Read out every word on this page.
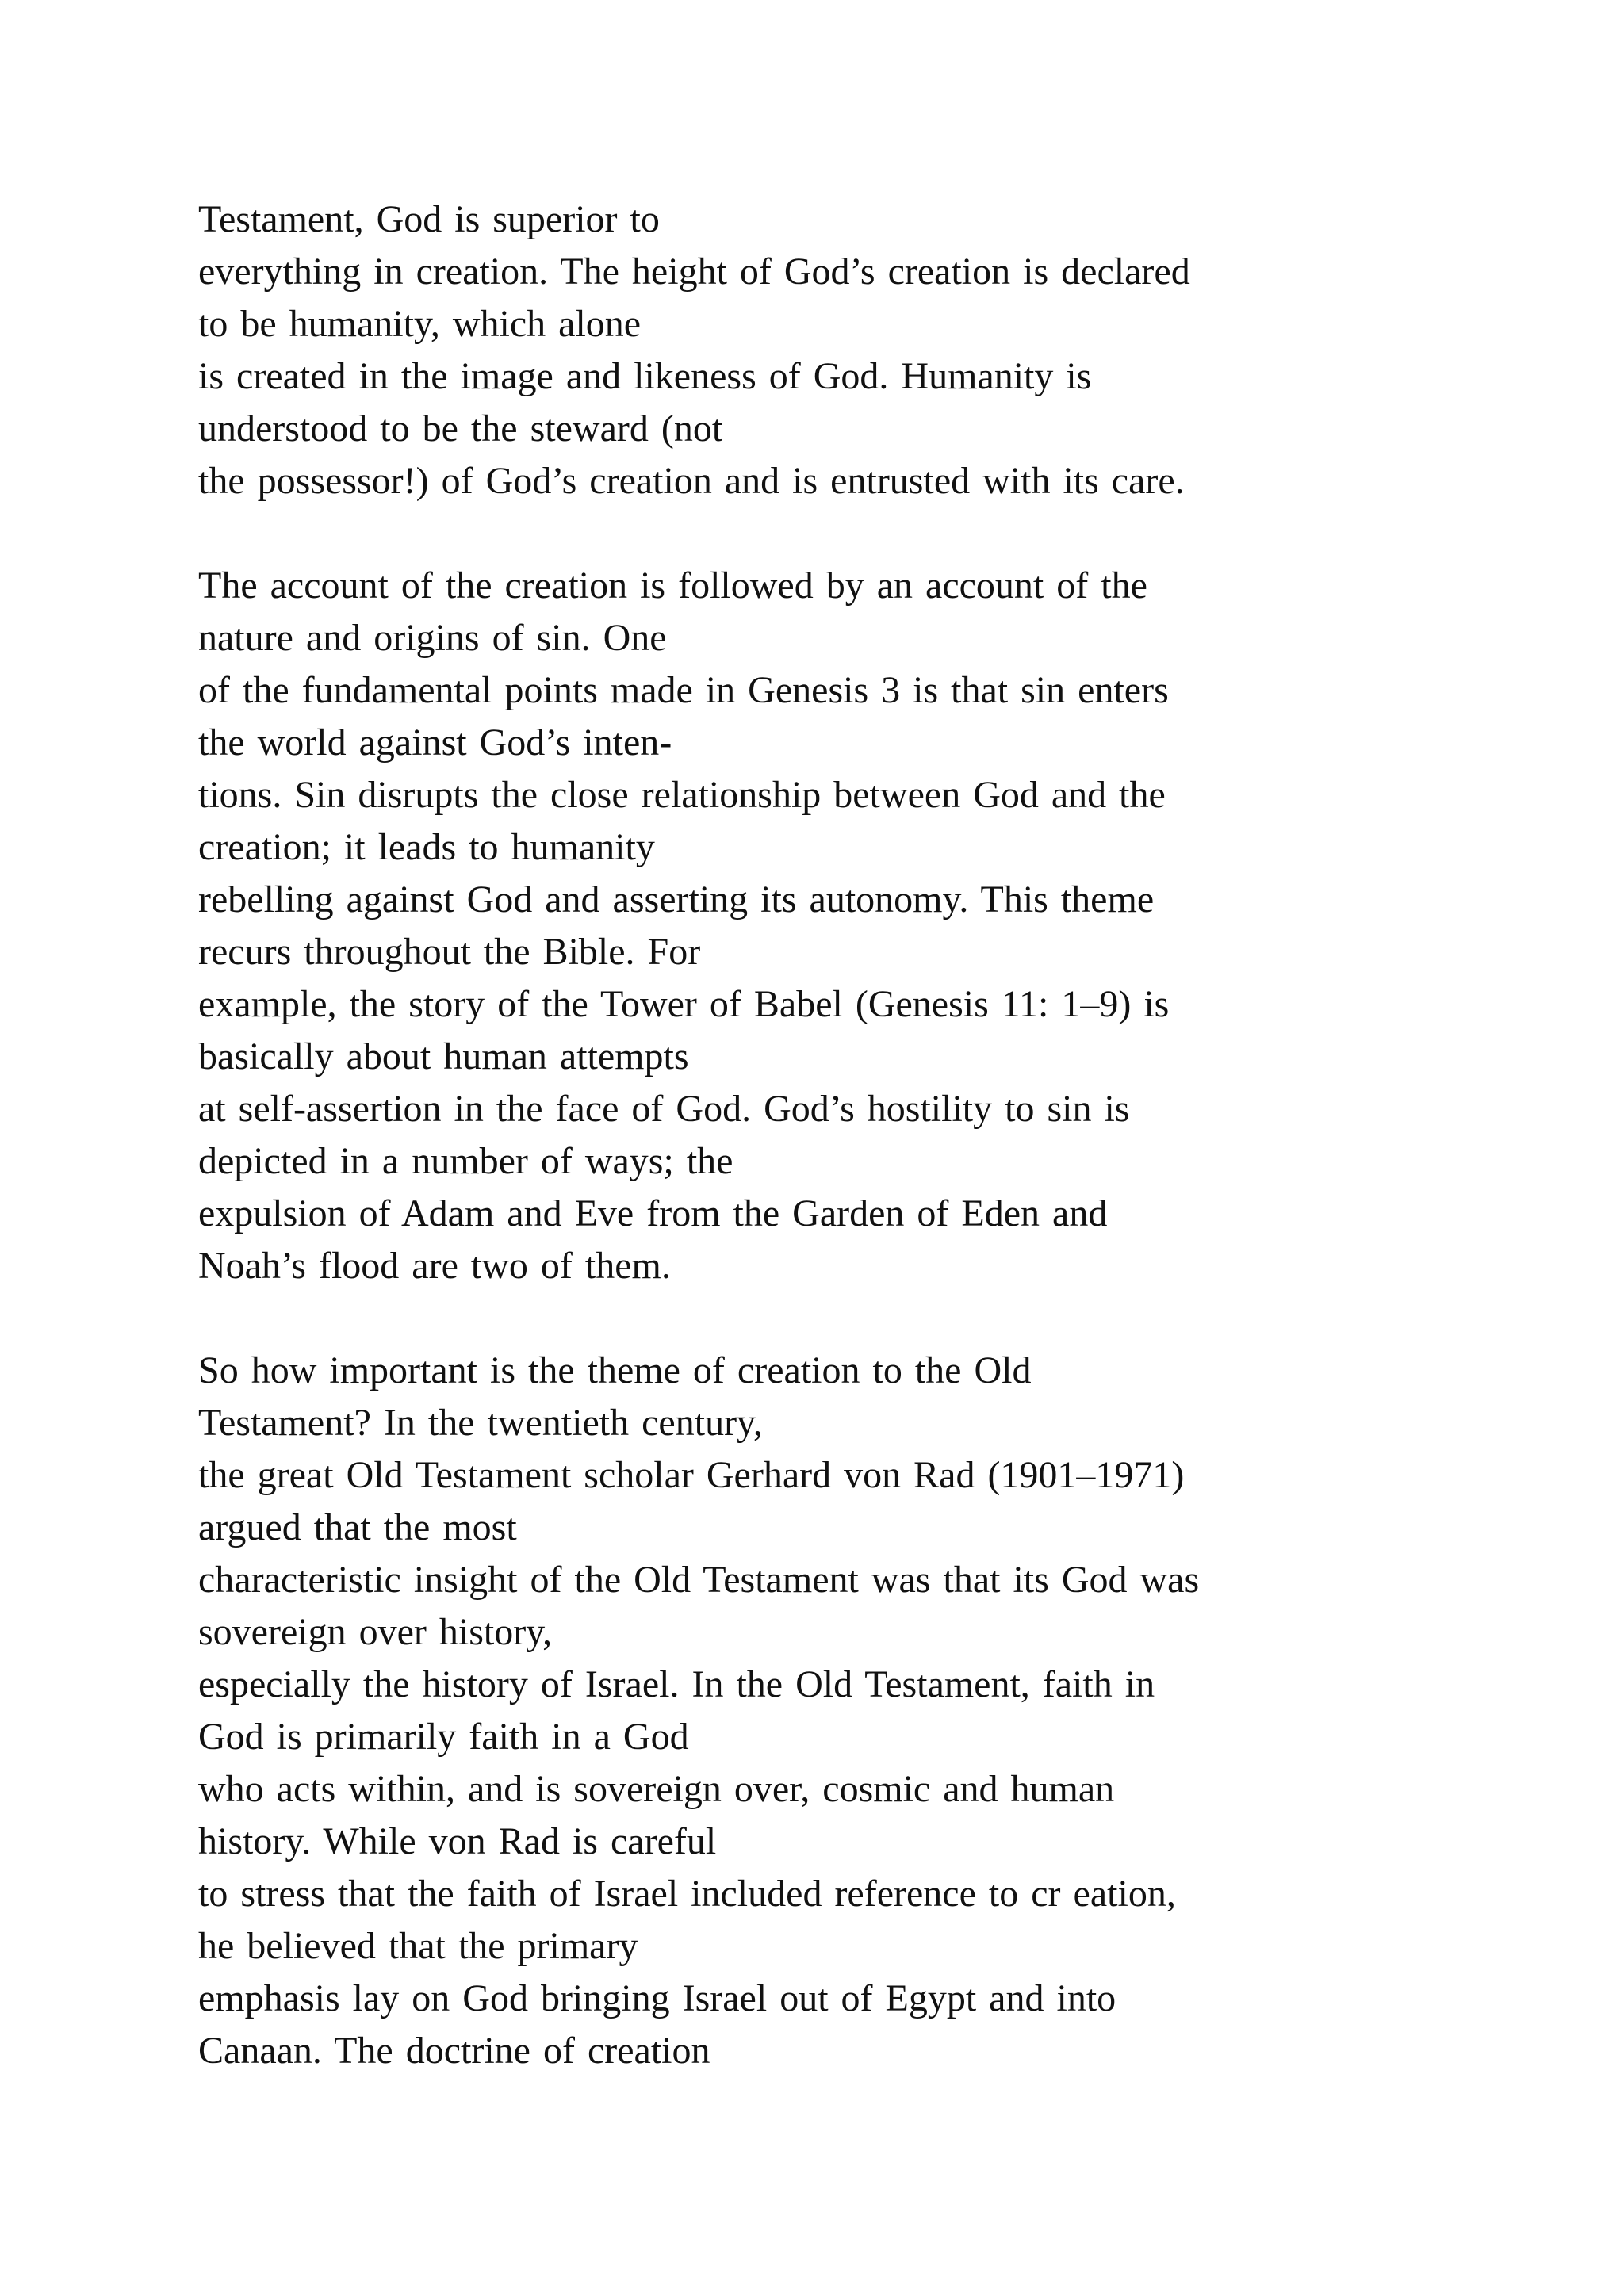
Testament, God is superior to
everything in creation. The height of God’s creation is declared
to be humanity, which alone
is created in the image and likeness of God. Humanity is
understood to be the steward (not
the possessor!) of God’s creation and is entrusted with its care.
The account of the creation is followed by an account of the
nature and origins of sin. One
of the fundamental points made in Genesis 3 is that sin enters
the world against God’s inten-
tions. Sin disrupts the close relationship between God and the
creation; it leads to humanity
rebelling against God and asserting its autonomy. This theme
recurs throughout the Bible. For
example, the story of the Tower of Babel (Genesis 11: 1–9) is
basically about human attempts
at self-assertion in the face of God. God’s hostility to sin is
depicted in a number of ways; the
expulsion of Adam and Eve from the Garden of Eden and
Noah’s flood are two of them.
So how important is the theme of creation to the Old
Testament? In the twentieth century,
the great Old Testament scholar Gerhard von Rad (1901–1971)
argued that the most
characteristic insight of the Old Testament was that its God was
sovereign over history,
especially the history of Israel. In the Old Testament, faith in
God is primarily faith in a God
who acts within, and is sovereign over, cosmic and human
history. While von Rad is careful
to stress that the faith of Israel included reference to cr eation,
he believed that the primary
emphasis lay on God bringing Israel out of Egypt and into
Canaan. The doctrine of creation
